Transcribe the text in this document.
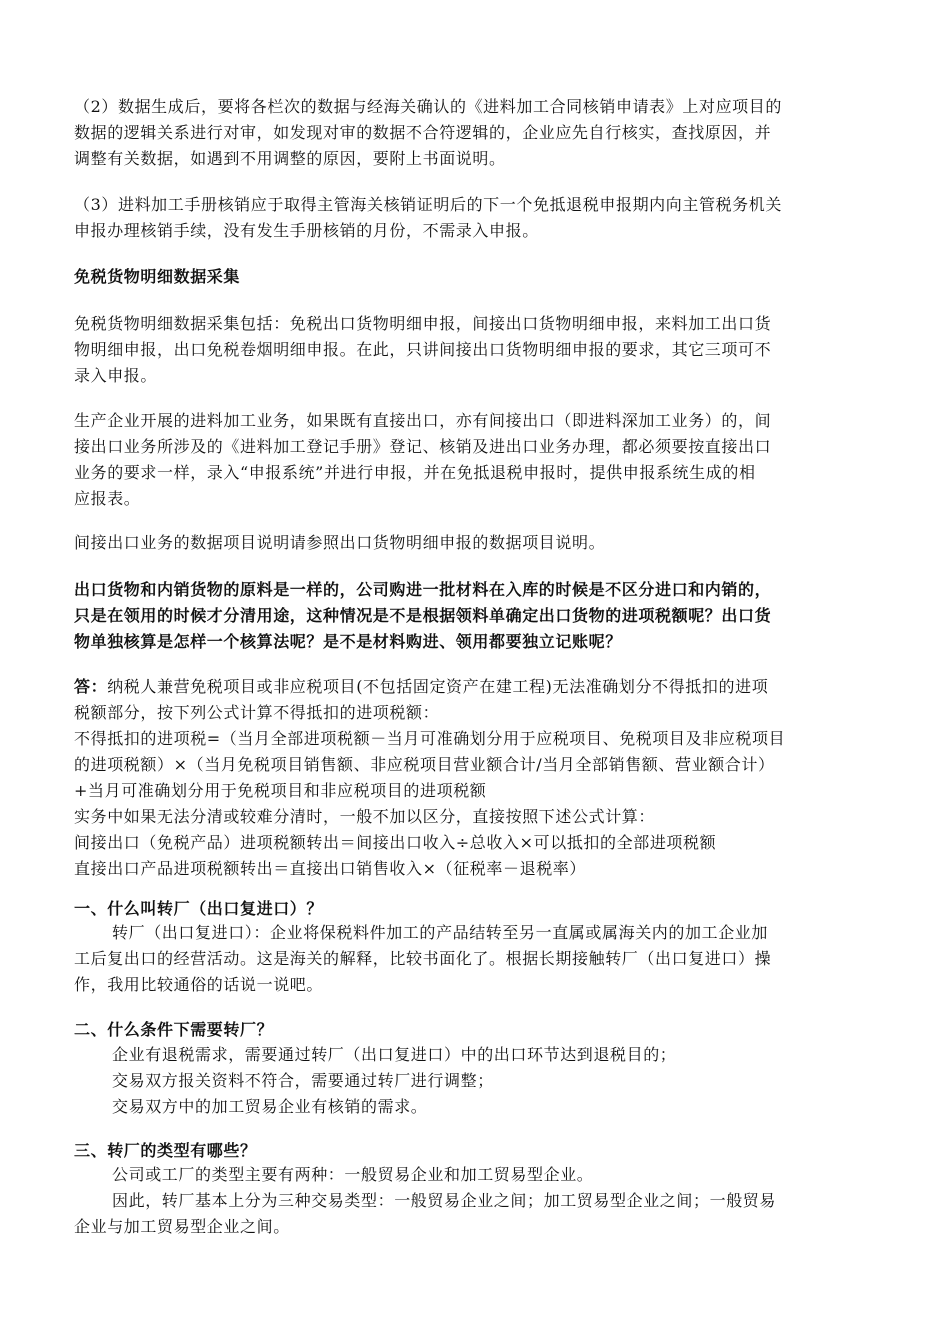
（2）数据生成后，要将各栏次的数据与经海关确认的《进料加工合同核销申请表》上对应项目的
数据的逻辑关系进行对审，如发现对审的数据不合符逻辑的，企业应先自行核实，查找原因，并
调整有关数据，如遇到不用调整的原因，要附上书面说明。
（3）进料加工手册核销应于取得主管海关核销证明后的下一个免抵退税申报期内向主管税务机关
申报办理核销手续，没有发生手册核销的月份，不需录入申报。
免税货物明细数据采集
免税货物明细数据采集包括：免税出口货物明细申报，间接出口货物明细申报，来料加工出口货
物明细申报，出口免税卷烟明细申报。在此，只讲间接出口货物明细申报的要求，其它三项可不
录入申报。
生产企业开展的进料加工业务，如果既有直接出口，亦有间接出口（即进料深加工业务）的，间
接出口业务所涉及的《进料加工登记手册》登记、核销及进出口业务办理，都必须要按直接出口
业务的要求一样，录入“申报系统”并进行申报，并在免抵退税申报时，提供申报系统生成的相
应报表。
间接出口业务的数据项目说明请参照出口货物明细申报的数据项目说明。
出口货物和内销货物的原料是一样的，公司购进一批材料在入库的时候是不区分进口和内销的，
只是在领用的时候才分清用途，这种情况是不是根据领料单确定出口货物的进项税额呢？出口货
物单独核算是怎样一个核算法呢？是不是材料购进、领用都要独立记账呢？
答：纳税人兼营免税项目或非应税项目(不包括固定资产在建工程)无法准确划分不得抵扣的进项
税额部分，按下列公式计算不得抵扣的进项税额：
不得抵扣的进项税=（当月全部进项税额－当月可准确划分用于应税项目、免税项目及非应税项目
的进项税额）×（当月免税项目销售额、非应税项目营业额合计/当月全部销售额、营业额合计）
+当月可准确划分用于免税项目和非应税项目的进项税额
实务中如果无法分清或较难分清时，一般不加以区分，直接按照下述公式计算：
间接出口（免税产品）进项税额转出＝间接出口收入÷总收入×可以抵扣的全部进项税额
直接出口产品进项税额转出＝直接出口销售收入×（征税率－退税率）
一、什么叫转厂（出口复进口）？
转厂（出口复进口）：企业将保税料件加工的产品结转至另一直属或属海关内的加工企业加
工后复出口的经营活动。这是海关的解释，比较书面化了。根据长期接触转厂（出口复进口）操
作，我用比较通俗的话说一说吧。
二、什么条件下需要转厂？
企业有退税需求，需要通过转厂（出口复进口）中的出口环节达到退税目的；
交易双方报关资料不符合，需要通过转厂进行调整；
交易双方中的加工贸易企业有核销的需求。
三、转厂的类型有哪些？
公司或工厂的类型主要有两种：一般贸易企业和加工贸易型企业。
因此，转厂基本上分为三种交易类型：一般贸易企业之间；加工贸易型企业之间；一般贸易
企业与加工贸易型企业之间。
